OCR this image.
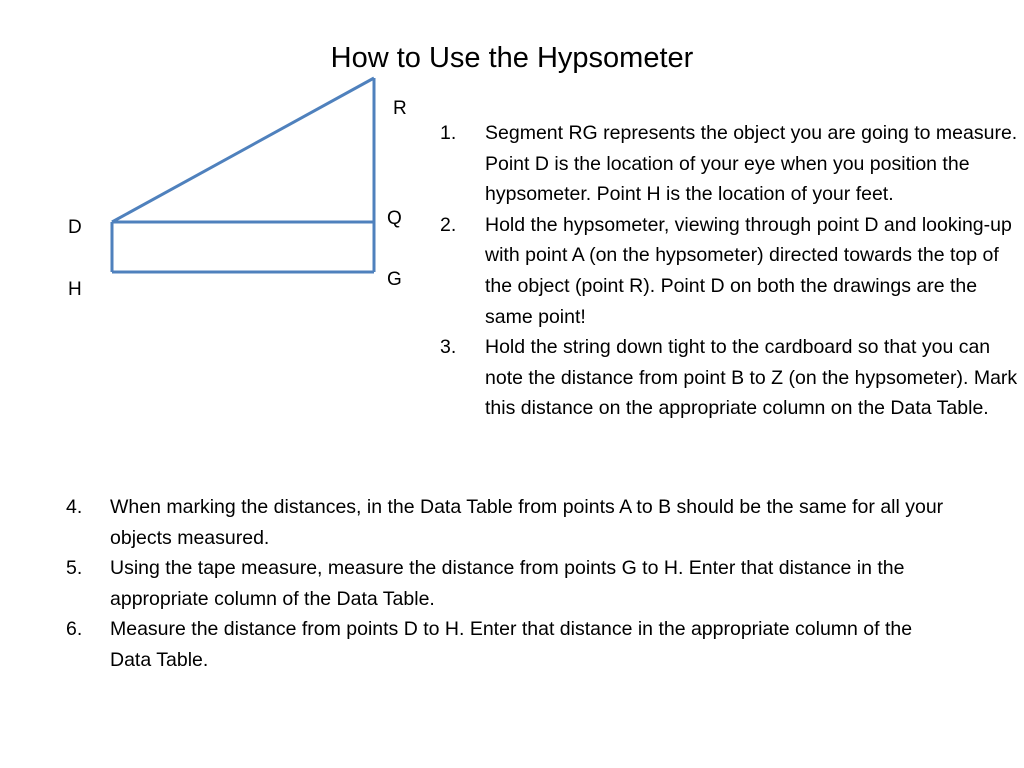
How to Use the Hypsometer
R
Q
G
D
H
1.	Segment RG represents the object you are going to measure. Point D is the location of your eye when you position the hypsometer. Point H is the location of your feet.
2.	Hold the hypsometer, viewing through point D and looking-up with point A (on the hypsometer) directed towards the top of the object (point R). Point D on both the drawings are the same point!
3.	Hold the string down tight to the cardboard so that you can note the distance from point B to Z (on the hypsometer). Mark this distance on the appropriate column on the Data Table.
4.	When marking the distances, in the Data Table from points A to B should be the same for all your objects measured.
5.	Using the tape measure, measure the distance from points G to H. Enter that distance in the appropriate column of the Data Table.
6.	Measure the distance from points D to H. Enter that distance in the appropriate column of the Data Table.
